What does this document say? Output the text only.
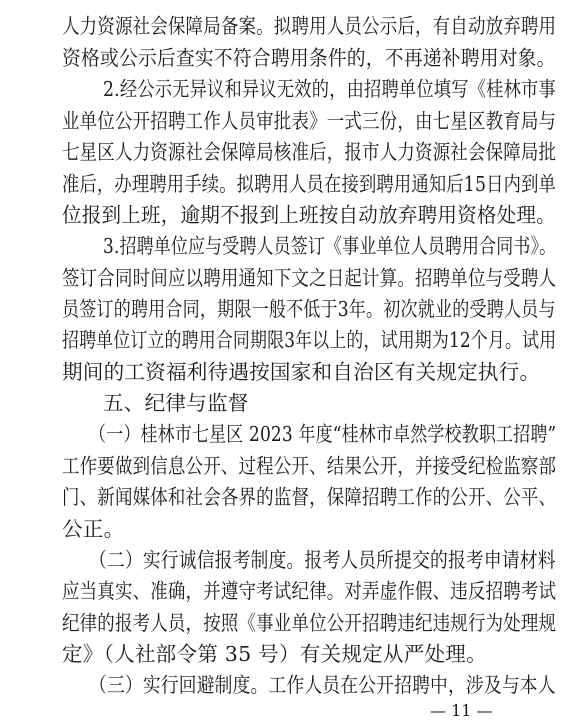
人力资源社会保障局备案。拟聘用人员公示后，有自动放弃聘用
资格或公示后查实不符合聘用条件的，不再递补聘用对象。
2.经公示无异议和异议无效的，由招聘单位填写《桂林市事
业单位公开招聘工作人员审批表》一式三份，由七星区教育局与
七星区人力资源社会保障局核准后，报市人力资源社会保障局批
准后，办理聘用手续。拟聘用人员在接到聘用通知后15日内到单
位报到上班，逾期不报到上班按自动放弃聘用资格处理。
3.招聘单位应与受聘人员签订《事业单位人员聘用合同书》。
签订合同时间应以聘用通知下文之日起计算。招聘单位与受聘人
员签订的聘用合同，期限一般不低于3年。初次就业的受聘人员与
招聘单位订立的聘用合同期限3年以上的，试用期为12个月。试用
期间的工资福利待遇按国家和自治区有关规定执行。
五、纪律与监督
（一）桂林市七星区 2023 年度“桂林市卓然学校教职工招聘”
工作要做到信息公开、过程公开、结果公开，并接受纪检监察部
门、新闻媒体和社会各界的监督，保障招聘工作的公开、公平、
公正。
（二）实行诚信报考制度。报考人员所提交的报考申请材料
应当真实、准确，并遵守考试纪律。对弄虚作假、违反招聘考试
纪律的报考人员，按照《事业单位公开招聘违纪违规行为处理规
定》（人社部令第 35 号）有关规定从严处理。
（三）实行回避制度。工作人员在公开招聘中，涉及与本人
— 11 —
